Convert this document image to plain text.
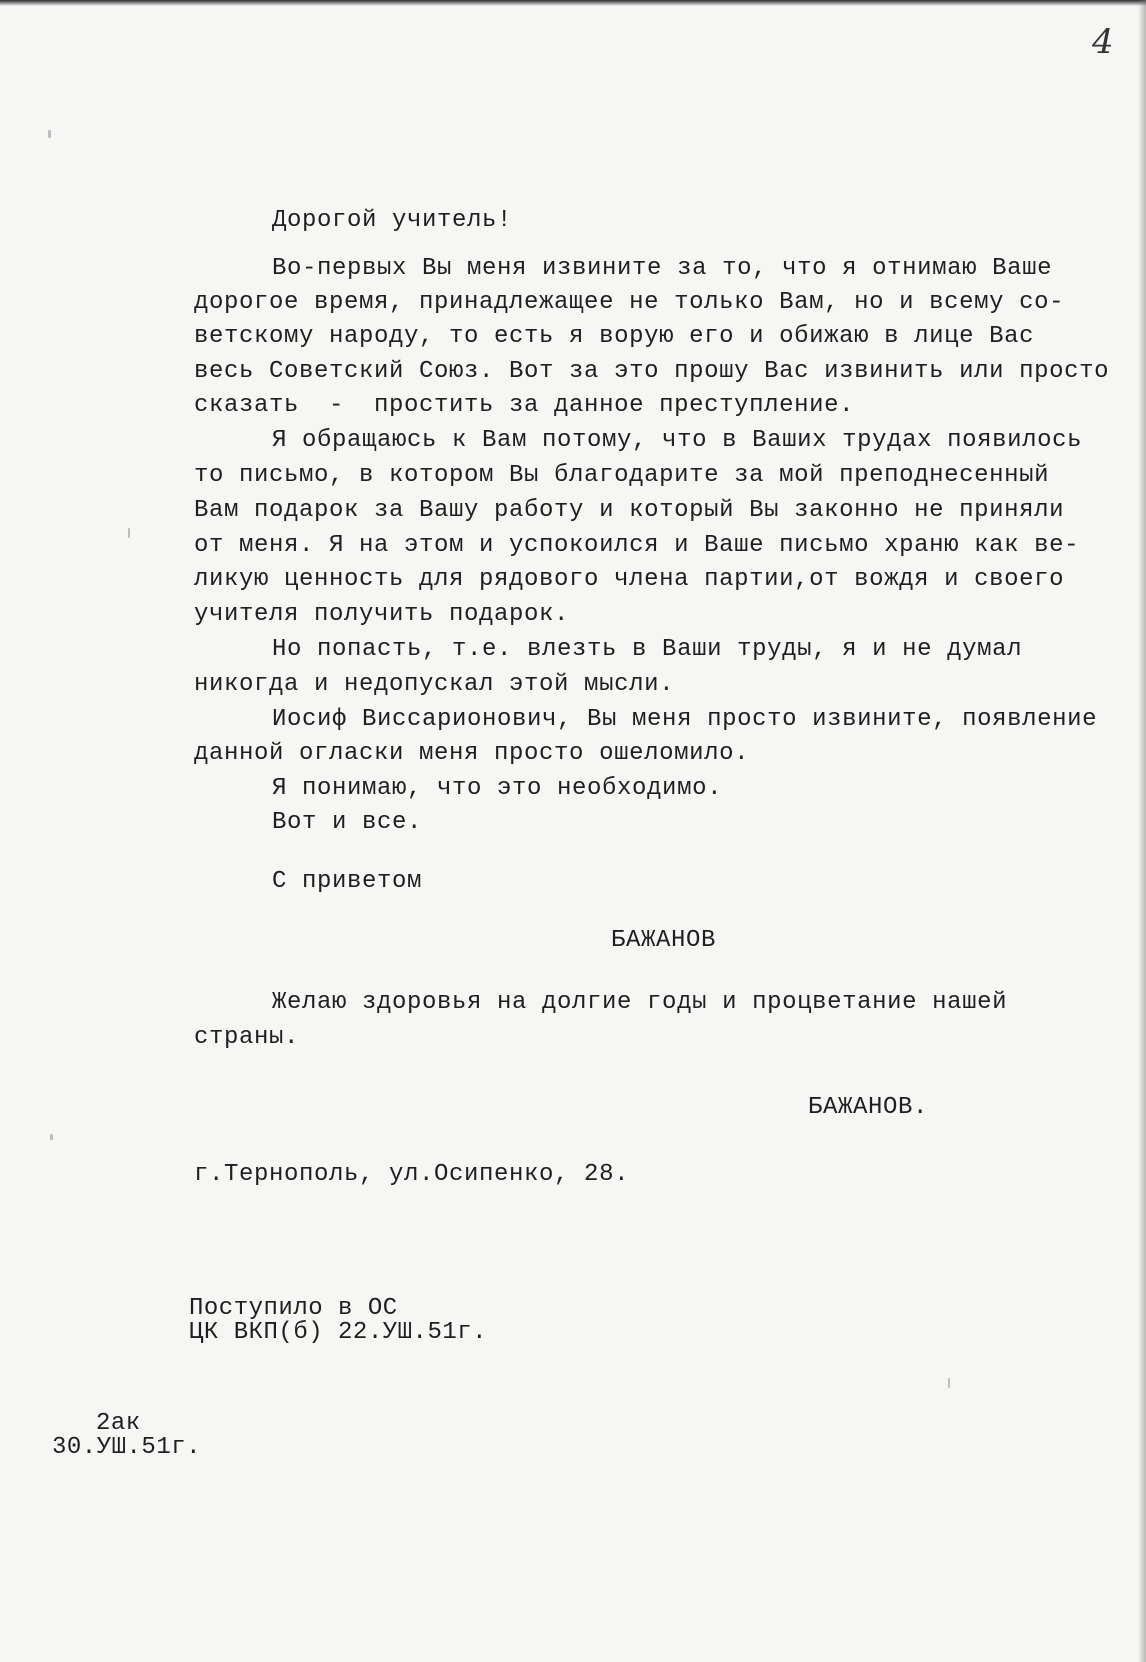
4
Дорогой учитель!
Во-первых Вы меня извините за то, что я отнимаю Ваше
дорогое время, принадлежащее не только Вам, но и всему со-
ветскому народу, то есть я ворую его и обижаю в лице Вас
весь Советский Союз. Вот за это прошу Вас извинить или просто
сказать  -  простить за данное преступление.
Я обращаюсь к Вам потому, что в Ваших трудах появилось
то письмо, в котором Вы благодарите за мой преподнесенный
Вам подарок за Вашу работу и который Вы законно не приняли
от меня. Я на этом и успокоился и Ваше письмо храню как ве-
ликую ценность для рядового члена партии,от вождя и своего
учителя получить подарок.
Но попасть, т.е. влезть в Ваши труды, я и не думал
никогда и недопускал этой мысли.
Иосиф Виссарионович, Вы меня просто извините, появление
данной огласки меня просто ошеломило.
Я понимаю, что это необходимо.
Вот и все.
С приветом
БАЖАНОВ
Желаю здоровья на долгие годы и процветание нашей
страны.
БАЖАНОВ.
г.Тернополь, ул.Осипенко, 28.
Поступило в ОС
ЦК ВКП(б) 22.УШ.51г.
2ак
30.УШ.51г.
